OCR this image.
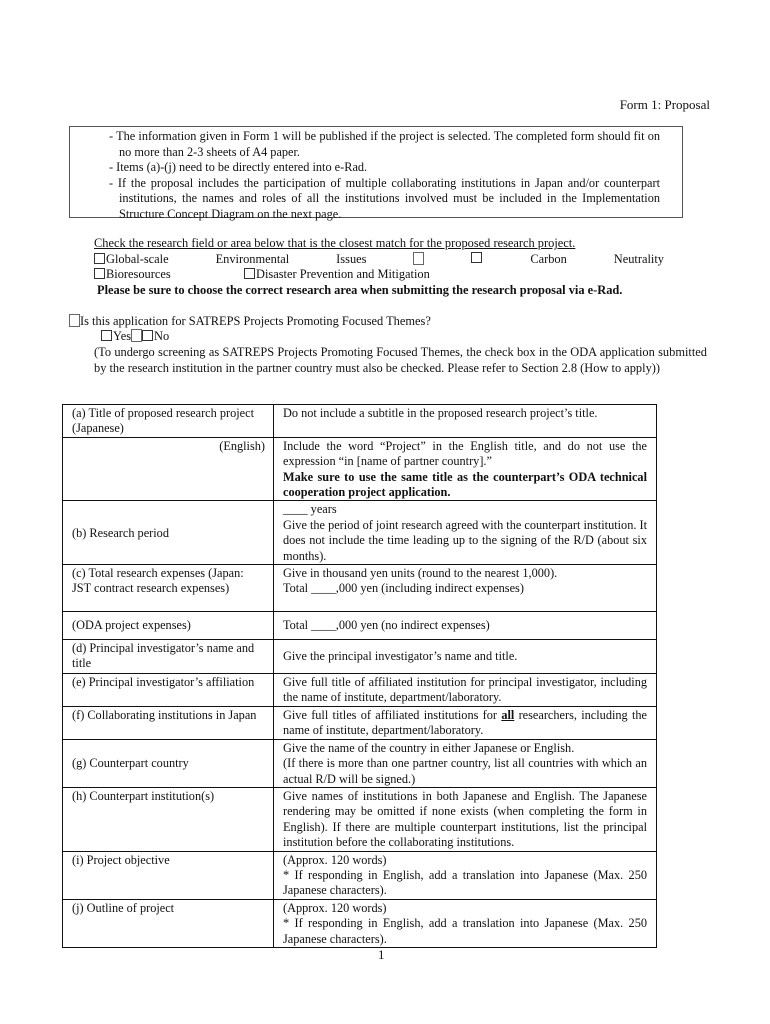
Form 1: Proposal
- The information given in Form 1 will be published if the project is selected. The completed form should fit on no more than 2-3 sheets of A4 paper.
- Items (a)-(j) need to be directly entered into e-Rad.
- If the proposal includes the participation of multiple collaborating institutions in Japan and/or counterpart institutions, the names and roles of all the institutions involved must be included in the Implementation Structure Concept Diagram on the next page.
Check the research field or area below that is the closest match for the proposed research project.
Global-scale	Environmental	Issues	Carbon	Neutrality
Bioresources	Disaster Prevention and Mitigation
Please be sure to choose the correct research area when submitting the research proposal via e-Rad.
Is this application for SATREPS Projects Promoting Focused Themes?
Yes No
(To undergo screening as SATREPS Projects Promoting Focused Themes, the check box in the ODA application submitted by the research institution in the partner country must also be checked. Please refer to Section 2.8 (How to apply))
(a) Title of proposed research project　(Japanese)	Do not include a subtitle in the proposed research project’s title.
(English)	Include the word “Project” in the English title, and do not use the expression “in [name of partner country].”
Make sure to use the same title as the counterpart’s ODA technical cooperation project application.

(b) Research period	____ years
Give the period of joint research agreed with the counterpart institution. It does not include the time leading up to the signing of the R/D (about six months).

(c) Total research expenses (Japan: JST contract research expenses)	Give in thousand yen units (round to the nearest 1,000).
Total ____,000 yen (including indirect expenses)

(ODA project expenses)	Total ____,000 yen (no indirect expenses)
(d) Principal investigator’s name and title	Give the principal investigator’s name and title.
(e) Principal investigator’s affiliation	Give full title of affiliated institution for principal investigator, including the name of institute, department/laboratory.
(f) Collaborating institutions in Japan	Give full titles of affiliated institutions for all researchers, including the name of institute, department/laboratory.
(g) Counterpart country	Give the name of the country in either Japanese or English.
(If there is more than one partner country, list all countries with which an actual R/D will be signed.)

(h) Counterpart institution(s)	Give names of institutions in both Japanese and English. The Japanese rendering may be omitted if none exists (when completing the form in English). If there are multiple counterpart institutions, list the principal institution before the collaborating institutions.
(i) Project objective	(Approx. 120 words)
* If responding in English, add a translation into Japanese (Max. 250 Japanese characters).

(j) Outline of project	(Approx. 120 words)
* If responding in English, add a translation into Japanese (Max. 250 Japanese characters).
1
